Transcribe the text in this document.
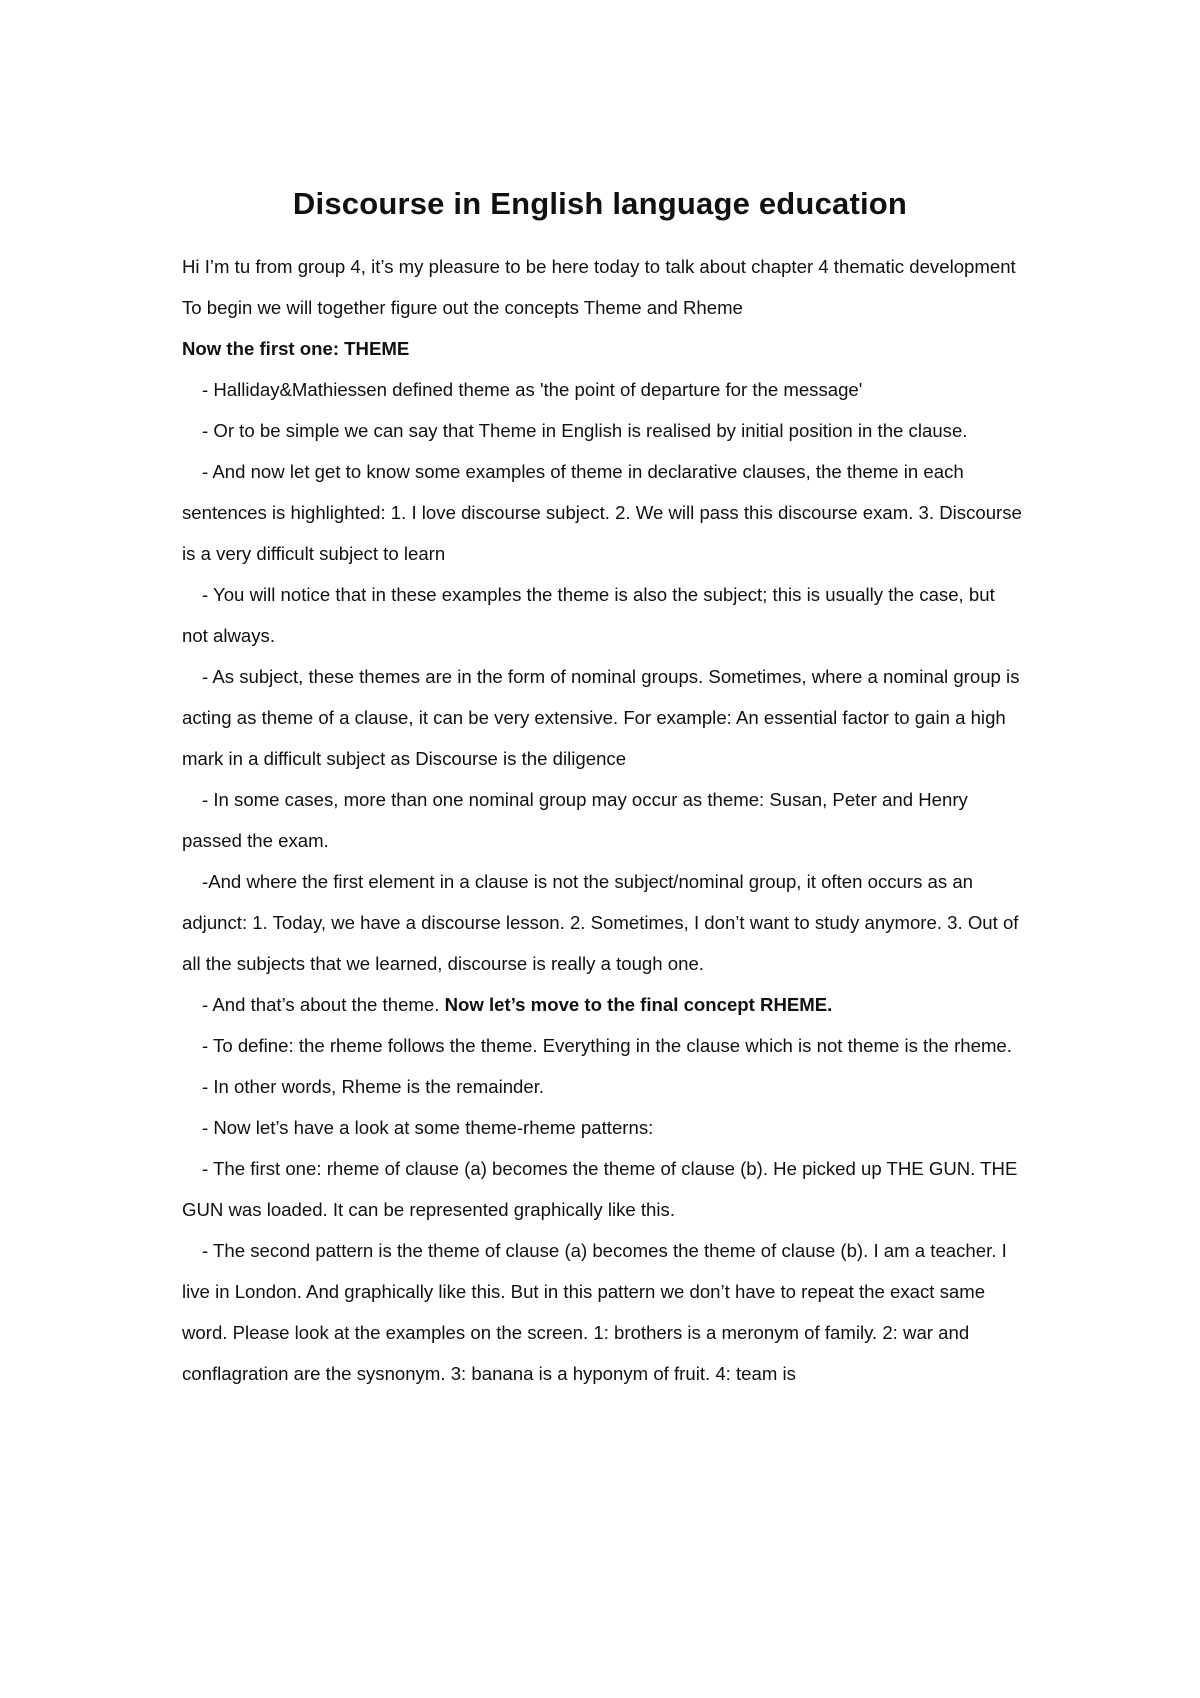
Discourse in English language education

Hi I’m tu from group 4, it’s my pleasure to be here today to talk about chapter 4 thematic development

To begin we will together figure out the concepts Theme and Rheme

Now the first one: THEME

- Halliday&Mathiessen defined theme as 'the point of departure for the message'

- Or to be simple we can say that Theme in English is realised by initial position in the clause.

- And now let get to know some examples of theme in declarative clauses, the theme in each sentences is highlighted: 1. I love discourse subject. 2. We will pass this discourse exam. 3. Discourse is a very difficult subject to learn

- You will notice that in these examples the theme is also the subject; this is usually the case, but not always.

- As subject, these themes are in the form of nominal groups. Sometimes, where a nominal group is acting as theme of a clause, it can be very extensive. For example: An essential factor to gain a high mark in a difficult subject as Discourse is the diligence

- In some cases, more than one nominal group may occur as theme: Susan, Peter and Henry passed the exam.

-And where the first element in a clause is not the subject/nominal group, it often occurs as an adjunct: 1. Today, we have a discourse lesson. 2. Sometimes, I don’t want to study anymore. 3. Out of all the subjects that we learned, discourse is really a tough one.

- And that’s about the theme. Now let’s move to the final concept RHEME.

- To define: the rheme follows the theme. Everything in the clause which is not theme is the rheme.

- In other words, Rheme is the remainder.

- Now let’s have a look at some theme-rheme patterns:

- The first one: rheme of clause (a) becomes the theme of clause (b). He picked up THE GUN. THE GUN was loaded. It can be represented graphically like this.

- The second pattern is the theme of clause (a) becomes the theme of clause (b). I am a teacher. I live in London. And graphically like this. But in this pattern we don’t have to repeat the exact same word. Please look at the examples on the screen. 1: brothers is a meronym of family. 2: war and conflagration are the sysnonym. 3: banana is a hyponym of fruit. 4: team is
